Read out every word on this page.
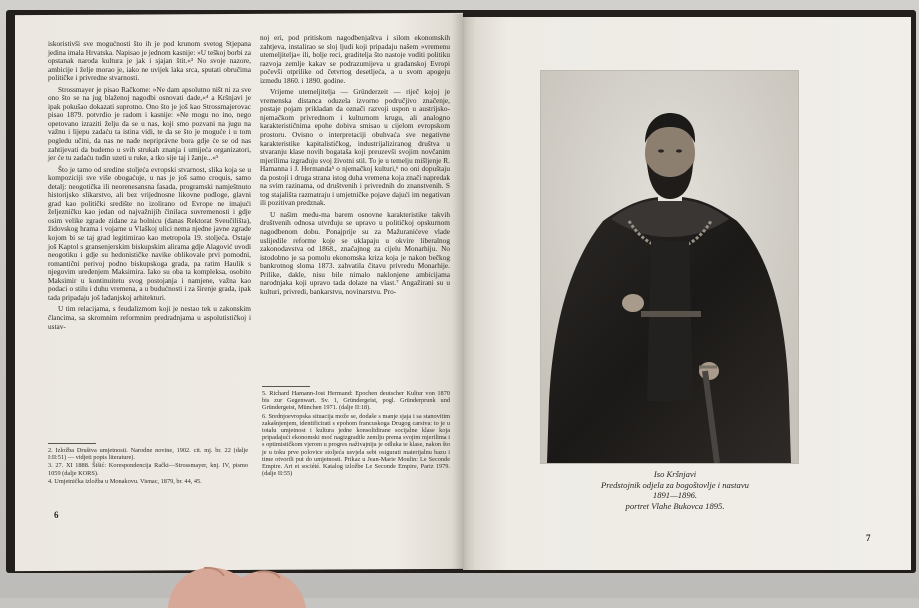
iskoristivši sve mogućnosti što ih je pod krunom svetog Stjepana jedina imala Hrvatska. Napisao je jednom kasnije: »U teškoj borbi za opstanak naroda kultura je jak i sjajan štit.«³ No svoje nazore, ambicije i želje morao je, iako ne uvijek laka srca, sputati obručima političke i privredne stvarnosti.

Strossmayer je pisao Račkome: »Ne dam apsolutno ništ ni za sve ono što se na jug blaženoj nagodbi osnovati dade,«⁴ a Kršnjavi je ipak pokušao dokazati suprotno. Ono što je još kao Strossmajerovac pisao 1879. potvrdio je radom i kasnije: »Ne mogu no ino, nego opetovano izraziti želju da se u nas, koji smo pozvani na jugu na važnu i lijepu zadaću ta istina vidi, te da se što je moguće i u tom pogledu učini, da nas ne nađe nepriprávne bora gdje će se od nas zahtijevati da budemo u svih strukah znanja i umijeća organizatori, jer će tu zadaću tuđin uzeti u ruke, a tko sije taj i žanje...«⁵

Što je tamo od sredine stoljeća evropski stvarnost, slika koja se u kompoziciji sve više obogaćuje, u nas je još samo croquis, samo detalj: neogotička ili neorenesansna fasada, programski namještnuto historijsko slikarstvo, ali bez vrijednosne likovne podloge, glavni grad kao politički središte no izolirano od Evrope ne imajući željezničku kao jedan od najvažnijih činilaca suvremenosti i gdje osim velike zgrade zidane za bolnicu (danas Rektorat Sveučilišta), židovskog hrama i vojarne u Vlaškoj ulici nema njedne javne zgrade kojom bi se taj grad legitimirao kao metropola 19. stoljeća. Ostaje još Kaptol s gransenjerskim biskupskim alirama gdje Alagović uvodi neogotiku i gdje su hedonističke navike oblikovale prvi pomodni, romantični perivoj podno biskupskoga grada, pa ratim Haulik s njegovim uređenjem Maksimira. Iako su oba ta kompleksa, osobito Maksimir u kontinuitetu svog postojanja i namjene, važna kao podaci o stilu i duhu vremena, a u budućnosti i za širenje grada, ipak tada pripadaju još ladanjskoj arhitekturi.

U tim relacijama, s feudalizmom koji je nestao tek u zakonskim člancima, sa skromnim reformnim predradnjama u aspolutističkoj i ustav-

noj eri, pod pritiskom nagodbenjaštva i silom ekonomskih zahtjeva, instalirao se sloj ljudi koji pripadaju našem »vremenu utemeljitelja« ili, bolje reci, graditelja što nastoje voditi politiku razvoja zemlje kakav se podrazumijeva u građanskoj Evropi počevši otprilike od četvrtog desetljeća, a u svom apogeju između 1860. i 1890. godine.

Vrijeme utemeljitelja — Gründerzeit — riječ kojoj je vremenska distanca oduzela izvorno područjivo značenje, postaje pojam prikladan da označi razvoji uspon u austrijsko-njemačkom privrednom i kulturnom krugu, ali analogno karakterističnima epohe dobiva smisao u cijelom evropskom prostoru. Ovisno o interpretaciji obuhvaća sve negativne karakteristike kapitalističkog, industrijaliziranog društva u stvaranju klase novih bogataša koji preuzevši svojim novčanim mjerilima izgrađuju svoj životni stil. To je u temelju mišljenje R. Hamanna i J. Hermanda⁵ o njemačkoj kulturi,⁶ no oni dopuštaju da postoji i druga strana istog duha vremena koja znači napredak na svim razinama, od društvenih i privrednih do znanstvenih. S tog stajališta razmatraju i umjetničke pojave dajući im negativan ili pozitivan predznak.

U našim među-ma barem osnovne karakteristike takvih društvenih odnosa utvrđuju se upravo u političkoj opskurnom nagodbenom dobu. Ponajprije su za Mažuranićeve vlade uslijedile reforme koje se uklapaju u okvire liberalnog zakonodavstva od 1868., značajnog za cijelu Monarhiju. No istodobno je sa pomolu ekonomska kriza koja je nakon bečkog bankrotnog sloma 1873. zahvatila čitavu privredu Monarhije. Prilike, dakle, nisu bile nimalo naklonjene ambicijama narodnjaka koji upravo tada dolaze na vlast.⁷ Angažirani su u kulturi, privredi, bankarstvu, novinarstvu. Pro-

2. Izložba Društva umjetnosti. Narodne novine, 1902. cit. mj. br. 22 (dalje I:II:51) — vidjeti popis literature).

3. 27. XI 1888. Šišić: Korespondencija Rački—Strossmayer, knj. IV, pismo 1059 (dalje KORS).

4. Umjetnička izložba u Monakovu. Vienac, 1879, br. 44, 45.

5. Richard Hamann-Jost Hermand: Epochen deutscher Kultur von 1870 bis zur Gegenwart. Sv. 1, Gründergeist, pogl. Gründerprunk und Gründergeist, München 1971. (dalje II:18).

6. Srednjoevropska situacija može se, dodaše s manje sjaja i sa stanovitim zakašnjenjem, identificirati s epohom francuskoga Drugog carstva: to je u totalu umjetnost i kultura jedne konsolidirane socijalne klase koja pripadajući ekonomski moć nagizgradile zemlju prema svojim mjerilima i s optimističkom vjerom u progres naživajnija je odluka te klase, nakon što je u toku prve polovice stoljeća usvjela sebi osigurati materijalnu bazu i time otvorili put do umjetnosti. Prikaz u Jean-Marie Moulin: Le Seconde Empire. Art et société. Katalog izložbe Le Seconde Empire, Pariz 1979. (dalje II:55)

6
Iso Kršnjavi
Predstojnik odjela za bogoštovlje i nastavu
1891—1896.
portret Vlahe Bukovca 1895.
7
